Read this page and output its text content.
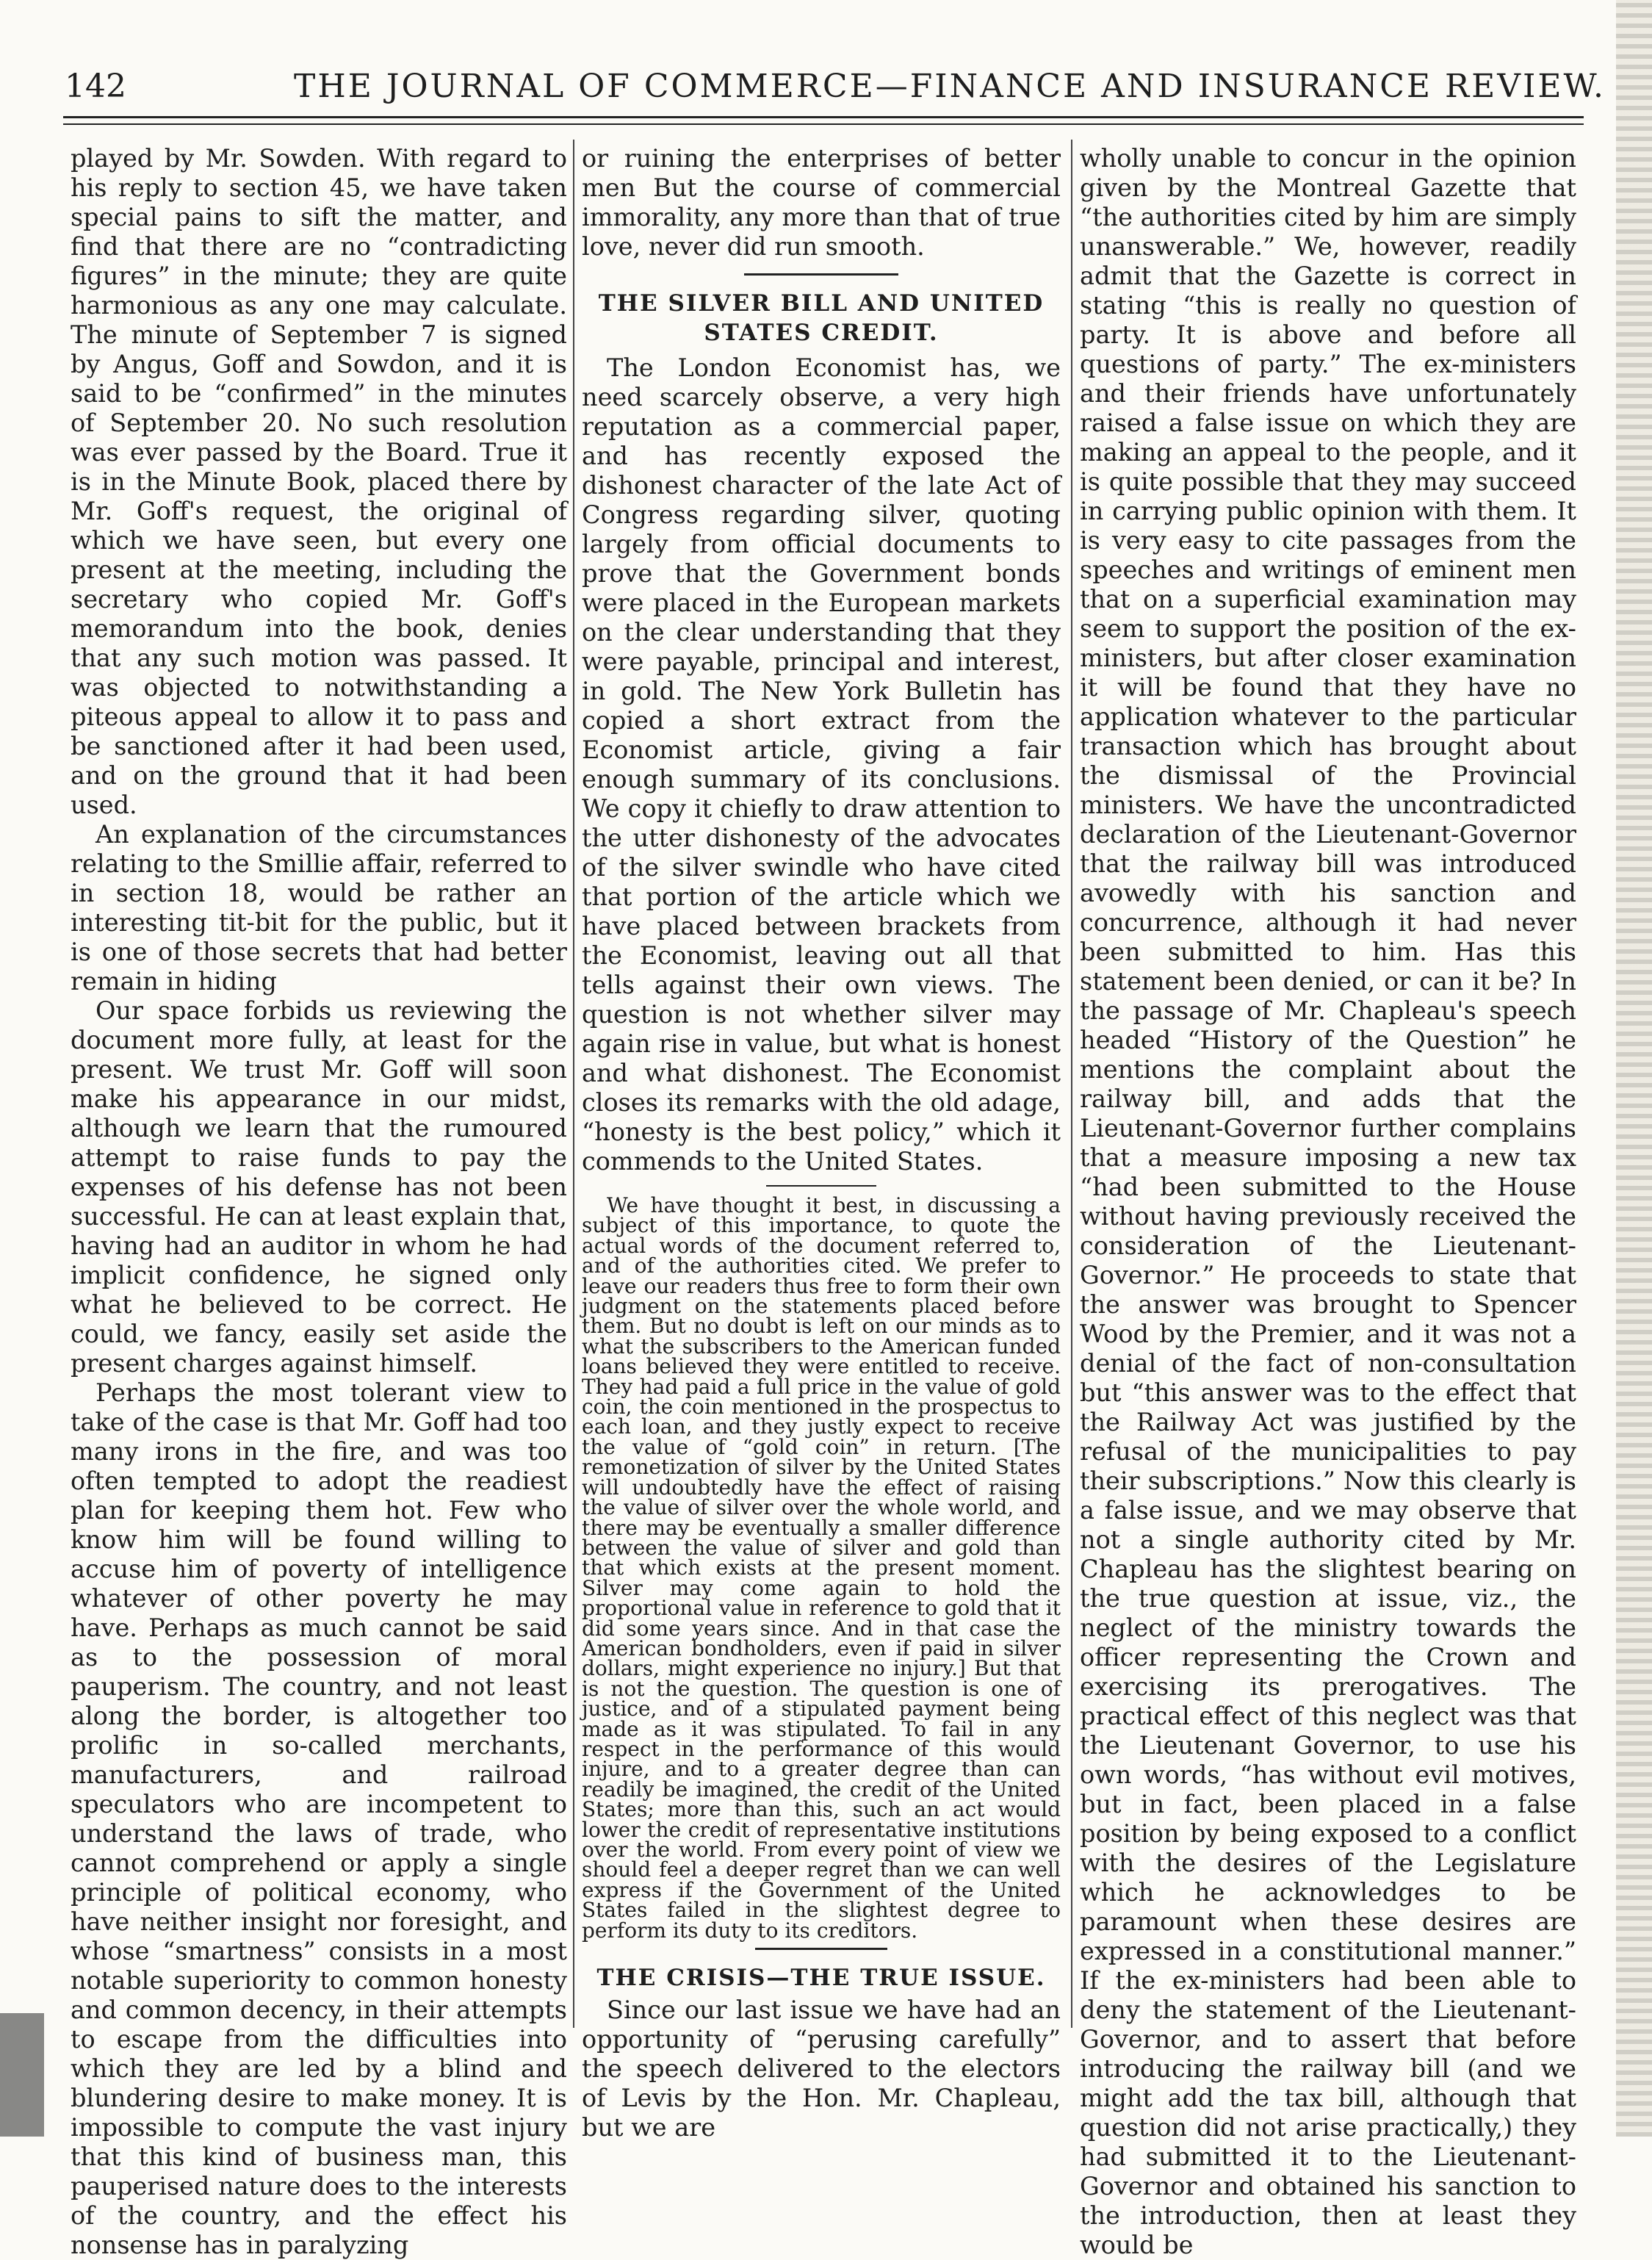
142	THE JOURNAL OF COMMERCE—FINANCE AND INSURANCE REVIEW.

played by Mr. Sowden. With regard to his reply to section 45, we have taken special pains to sift the matter, and find that there are no “contradicting figures” in the minute; they are quite harmonious as any one may calculate. The minute of September 7 is signed by Angus, Goff and Sowdon, and it is said to be “confirmed” in the minutes of September 20. No such resolution was ever passed by the Board. True it is in the Minute Book, placed there by Mr. Goff's request, the original of which we have seen, but every one present at the meeting, including the secretary who copied Mr. Goff's memorandum into the book, denies that any such motion was passed. It was objected to notwithstanding a piteous appeal to allow it to pass and be sanctioned after it had been used, and on the ground that it had been used.

An explanation of the circumstances relating to the Smillie affair, referred to in section 18, would be rather an interesting tit-bit for the public, but it is one of those secrets that had better remain in hiding

Our space forbids us reviewing the document more fully, at least for the present. We trust Mr. Goff will soon make his appearance in our midst, although we learn that the rumoured attempt to raise funds to pay the expenses of his defense has not been successful. He can at least explain that, having had an auditor in whom he had implicit confidence, he signed only what he believed to be correct. He could, we fancy, easily set aside the present charges against himself.

Perhaps the most tolerant view to take of the case is that Mr. Goff had too many irons in the fire, and was too often tempted to adopt the readiest plan for keeping them hot. Few who know him will be found willing to accuse him of poverty of intelligence whatever of other poverty he may have. Perhaps as much cannot be said as to the possession of moral pauperism. The country, and not least along the border, is altogether too prolific in so-called merchants, manufacturers, and railroad speculators who are incompetent to understand the laws of trade, who cannot comprehend or apply a single principle of political economy, who have neither insight nor foresight, and whose “smartness” consists in a most notable superiority to common honesty and common decency, in their attempts to escape from the difficulties into which they are led by a blind and blundering desire to make money. It is impossible to compute the vast injury that this kind of business man, this pauperised nature does to the interests of the country, and the effect his nonsense has in paralyzing

or ruining the enterprises of better men But the course of commercial immorality, any more than that of true love, never did run smooth.

THE SILVER BILL AND UNITED STATES CREDIT.

The London Economist has, we need scarcely observe, a very high reputation as a commercial paper, and has recently exposed the dishonest character of the late Act of Congress regarding silver, quoting largely from official documents to prove that the Government bonds were placed in the European markets on the clear understanding that they were payable, principal and interest, in gold. The New York Bulletin has copied a short extract from the Economist article, giving a fair enough summary of its conclusions. We copy it chiefly to draw attention to the utter dishonesty of the advocates of the silver swindle who have cited that portion of the article which we have placed between brackets from the Economist, leaving out all that tells against their own views. The question is not whether silver may again rise in value, but what is honest and what dishonest. The Economist closes its remarks with the old adage, “honesty is the best policy,” which it commends to the United States.

We have thought it best, in discussing a subject of this importance, to quote the actual words of the document referred to, and of the authorities cited. We prefer to leave our readers thus free to form their own judgment on the statements placed before them. But no doubt is left on our minds as to what the subscribers to the American funded loans believed they were entitled to receive. They had paid a full price in the value of gold coin, the coin mentioned in the prospectus to each loan, and they justly expect to receive the value of “gold coin” in return. [The remonetization of silver by the United States will undoubtedly have the effect of raising the value of silver over the whole world, and there may be eventually a smaller difference between the value of silver and gold than that which exists at the present moment. Silver may come again to hold the proportional value in reference to gold that it did some years since. And in that case the American bondholders, even if paid in silver dollars, might experience no injury.] But that is not the question. The question is one of justice, and of a stipulated payment being made as it was stipulated. To fail in any respect in the performance of this would injure, and to a greater degree than can readily be imagined, the credit of the United States; more than this, such an act would lower the credit of representative institutions over the world. From every point of view we should feel a deeper regret than we can well express if the Government of the United States failed in the slightest degree to perform its duty to its creditors.

THE CRISIS—THE TRUE ISSUE.

Since our last issue we have had an opportunity of “perusing carefully” the speech delivered to the electors of Levis by the Hon. Mr. Chapleau, but we are

wholly unable to concur in the opinion given by the Montreal Gazette that “the authorities cited by him are simply unanswerable.” We, however, readily admit that the Gazette is correct in stating “this is really no question of party. It is above and before all questions of party.” The ex-ministers and their friends have unfortunately raised a false issue on which they are making an appeal to the people, and it is quite possible that they may succeed in carrying public opinion with them. It is very easy to cite passages from the speeches and writings of eminent men that on a superficial examination may seem to support the position of the ex-ministers, but after closer examination it will be found that they have no application whatever to the particular transaction which has brought about the dismissal of the Provincial ministers. We have the uncontradicted declaration of the Lieutenant-Governor that the railway bill was introduced avowedly with his sanction and concurrence, although it had never been submitted to him. Has this statement been denied, or can it be? In the passage of Mr. Chapleau's speech headed “History of the Question” he mentions the complaint about the railway bill, and adds that the Lieutenant-Governor further complains that a measure imposing a new tax “had been submitted to the House without having previously received the consideration of the Lieutenant-Governor.” He proceeds to state that the answer was brought to Spencer Wood by the Premier, and it was not a denial of the fact of non-consultation but “this answer was to the effect that the Railway Act was justified by the refusal of the municipalities to pay their subscriptions.” Now this clearly is a false issue, and we may observe that not a single authority cited by Mr. Chapleau has the slightest bearing on the true question at issue, viz., the neglect of the ministry towards the officer representing the Crown and exercising its prerogatives. The practical effect of this neglect was that the Lieutenant Governor, to use his own words, “has without evil motives, but in fact, been placed in a false position by being exposed to a conflict with the desires of the Legislature which he acknowledges to be paramount when these desires are expressed in a constitutional manner.” If the ex-ministers had been able to deny the statement of the Lieutenant-Governor, and to assert that before introducing the railway bill (and we might add the tax bill, although that question did not arise practically,) they had submitted it to the Lieutenant-Governor and obtained his sanction to the introduction, then at least they would be
